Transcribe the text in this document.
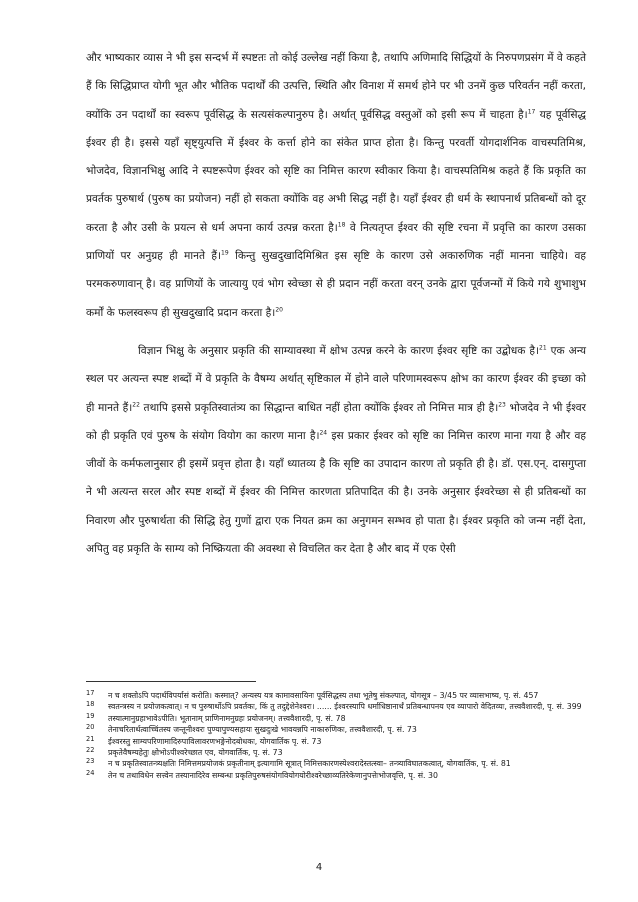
और भाष्यकार व्यास ने भी इस सन्दर्भ में स्पष्टतः तो कोई उल्लेख नहीं किया है, तथापि अणिमादि सिद्धियों के निरुपणप्रसंग में वे कहते हैं कि सिद्धिप्राप्त योगी भूत और भौतिक पदार्थों की उत्पत्ति, स्थिति और विनाश में समर्थ होने पर भी उनमें कुछ परिवर्तन नहीं करता, क्योंकि उन पदार्थों का स्वरूप पूर्वसिद्ध के सत्यसंकल्पानुरुप है। अर्थात् पूर्वसिद्ध वस्तुओं को इसी रूप में चाहता है।$^{17}$ यह पूर्वसिद्ध ईश्वर ही है। इससे यहाँ सृष्ट्युत्पत्ति में ईश्वर के कर्त्ता होने का संकेत प्राप्त होता है। किन्तु परवर्ती योगदार्शनिक वाचस्पतिमिश्र, भोजदेव, विज्ञानभिक्षु आदि ने स्पष्टरूपेण ईश्वर को सृष्टि का निमित्त कारण स्वीकार किया है। वाचस्पतिमिश्र कहते हैं कि प्रकृति का प्रवर्तक पुरुषार्थ (पुरुष का प्रयोजन) नहीं हो सकता क्योंकि वह अभी सिद्ध नहीं है। यहाँ ईश्वर ही धर्म के स्थापनार्थ प्रतिबन्धों को दूर करता है और उसी के प्रयत्न से धर्म अपना कार्य उत्पन्न करता है।$^{18}$ वे नित्यतृप्त ईश्वर की सृष्टि रचना में प्रवृत्ति का कारण उसका प्राणियों पर अनुग्रह ही मानते हैं।$^{19}$ किन्तु सुखदुखादिमिश्रित इस सृष्टि के कारण उसे अकारुणिक नहीं मानना चाहिये। वह परमकरुणावान् है। वह प्राणियों के जात्यायु एवं भोग स्वेच्छा से ही प्रदान नहीं करता वरन् उनके द्वारा पूर्वजन्मों में किये गये शुभाशुभ कर्मों के फलस्वरूप ही सुखदुखादि प्रदान करता है।$^{20}$

विज्ञान भिक्षु के अनुसार प्रकृति की साम्यावस्था में क्षोभ उत्पन्न करने के कारण ईश्वर सृष्टि का उद्बोधक है।$^{21}$ एक अन्य स्थल पर अत्यन्त स्पष्ट शब्दों में वे प्रकृति के वैषम्य अर्थात् सृष्टिकाल में होने वाले परिणामस्वरूप क्षोभ का कारण ईश्वर की इच्छा को ही मानते हैं।$^{22}$ तथापि इससे प्रकृतिस्वातंत्र्य का सिद्धान्त बाधित नहीं होता क्योंकि ईश्वर तो निमित्त मात्र ही है।$^{23}$ भोजदेव ने भी ईश्वर को ही प्रकृति एवं पुरुष के संयोग वियोग का कारण माना है।$^{24}$ इस प्रकार ईश्वर को सृष्टि का निमित्त कारण माना गया है और वह जीवों के कर्मफलानुसार ही इसमें प्रवृत्त होता है। यहाँ ध्यातव्य है कि सृष्टि का उपादान कारण तो प्रकृति ही है। डॉ. एस.एन्. दासगुप्ता ने भी अत्यन्त सरल और स्पष्ट शब्दों में ईश्वर की निमित्त कारणता प्रतिपादित की है। उनके अनुसार ईश्वरेच्छा से ही प्रतिबन्धों का निवारण और पुरुषार्थता की सिद्धि हेतु गुणों द्वारा एक नियत क्रम का अनुगमन सम्भव हो पाता है। ईश्वर प्रकृति को जन्म नहीं देता, अपितु वह प्रकृति के साम्य को निष्क्रियता की अवस्था से विचलित कर देता है और बाद में एक ऐसी

17	न च शक्तोऽपि पदार्थविपर्यासं करोति। कस्मात्? अन्यस्य यत्र कामावसायिनः पूर्वसिद्धस्य तथा भूतेषु संकल्पात्, योगसूत्र – 3/45 पर व्यासभाष्य, पृ. सं. 457
18	स्वतन्त्रस्य न प्रयोजकत्वात्। न च पुरुषार्थोऽपि प्रवर्तकः, किं तु तदुद्देशेनेश्वरः। ...... ईश्वरस्यापि धर्माधिष्ठानार्थं प्रतिबन्धापनय एव व्यापारो वेदितव्यः, तत्त्ववैशारदी, पृ. सं. 399
19	तस्यात्मानुग्रहाभावेऽपीति। भूतानाम् प्राणिनामनुग्रहः प्रयोजनम्। तत्त्ववैशारदी, पृ. सं. 78
20	तेनाचरितार्थत्वाच्चिंतस्य जन्तूनीश्वरः पुण्यापुण्यसहायः सुखदुःखे भावयन्नपि नाकारुणिकः, तत्त्ववैशारदी, पृ. सं. 73
21	ईश्वरस्तु साम्यपरिणामादिरुपाविलावरणभङ्गेनोदबोधकः, योगवार्तिक पृ. सं. 73
22	प्रकृतेवैषम्यहेतुः क्षोभोऽपीश्वरेच्छात एव, योगवार्तिक, पृ. सं. 73
23	न च प्रकृतिस्वातन्त्र्यक्षतिः निमित्तमप्रयोजकं प्रकृतीनाम् इत्यागामि सूत्रात् निमित्तकारणस्येश्वरादेस्तत्स्वा– तन्त्र्याविघातकत्वात्, योगवार्तिक, पृ. सं. 81
24	तेन च तथाविधेन सत्त्वेन तस्यानादिरेव सम्बन्धः प्रकृतिपुरुषसंयोगवियोगयोरीश्वरेच्छाव्यतिरेकेणानुपत्तेःभोजवृत्ति, पृ. सं. 30
4
